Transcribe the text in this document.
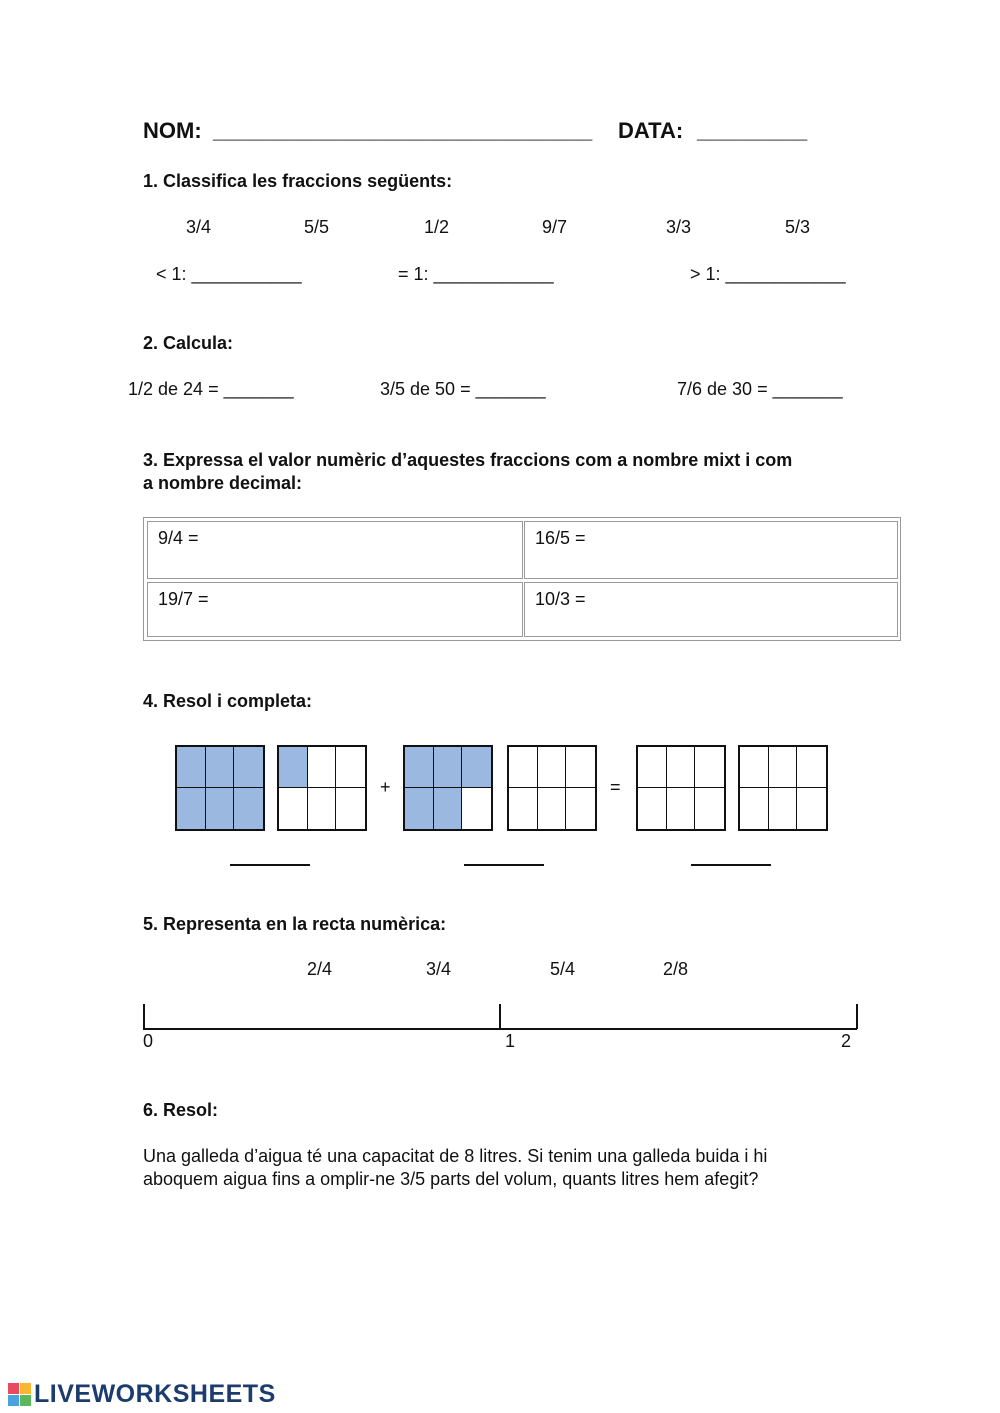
NOM: _______________________________ DATA: _________
1. Classifica les fraccions següents:
3/4	5/5	1/2	9/7	3/3	5/3
< 1: ___________	= 1: ____________	> 1: ____________
2. Calcula:
1/2 de 24 = _______	3/5 de 50 = _______	7/6 de 30 = _______
3. Expressa el valor numèric d’aquestes fraccions com a nombre mixt i com
a nombre decimal:
9/4 =	16/5 =
19/7 =	10/3 =
4. Resol i completa:
+	=
5. Representa en la recta numèrica:
2/4	3/4	5/4	2/8
0	1	2
6. Resol:
Una galleda d’aigua té una capacitat de 8 litres. Si tenim una galleda buida i hi
aboquem aigua fins a omplir-ne 3/5 parts del volum, quants litres hem afegit?
LIVEWORKSHEETS
